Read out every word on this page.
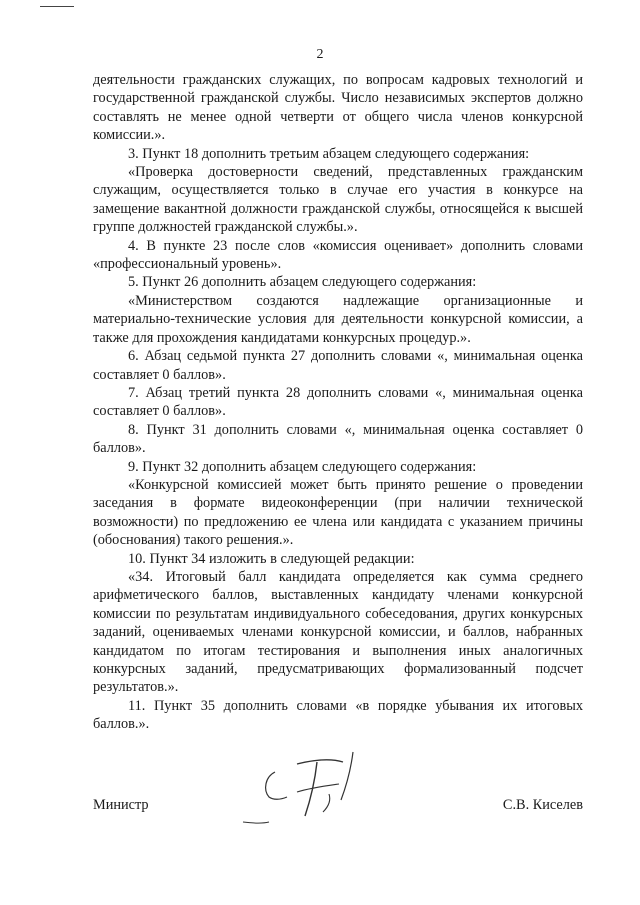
2

деятельности гражданских служащих, по вопросам кадровых технологий и государственной гражданской службы. Число независимых экспертов должно составлять не менее одной четверти от общего числа членов конкурсной комиссии.».

3. Пункт 18 дополнить третьим абзацем следующего содержания:

«Проверка достоверности сведений, представленных гражданским служащим, осуществляется только в случае его участия в конкурсе на замещение вакантной должности гражданской службы, относящейся к высшей группе должностей гражданской службы.».

4. В пункте 23 после слов «комиссия оценивает» дополнить словами «профессиональный уровень».

5. Пункт 26 дополнить абзацем следующего содержания:

«Министерством создаются надлежащие организационные и материально-технические условия для деятельности конкурсной комиссии, а также для прохождения кандидатами конкурсных процедур.».

6. Абзац седьмой пункта 27 дополнить словами «, минимальная оценка составляет 0 баллов».

7. Абзац третий пункта 28 дополнить словами «, минимальная оценка составляет 0 баллов».

8. Пункт 31 дополнить словами «, минимальная оценка составляет 0 баллов».

9. Пункт 32 дополнить абзацем следующего содержания:

«Конкурсной комиссией может быть принято решение о проведении заседания в формате видеоконференции (при наличии технической возможности) по предложению ее члена или кандидата с указанием причины (обоснования) такого решения.».

10. Пункт 34 изложить в следующей редакции:

«34. Итоговый балл кандидата определяется как сумма среднего арифметического баллов, выставленных кандидату членами конкурсной комиссии по результатам индивидуального собеседования, других конкурсных заданий, оцениваемых членами конкурсной комиссии, и баллов, набранных кандидатом по итогам тестирования и выполнения иных аналогичных конкурсных заданий, предусматривающих формализованный подсчет результатов.».

11. Пункт 35 дополнить словами «в порядке убывания их итоговых баллов.».

Министр	С.В. Киселев
